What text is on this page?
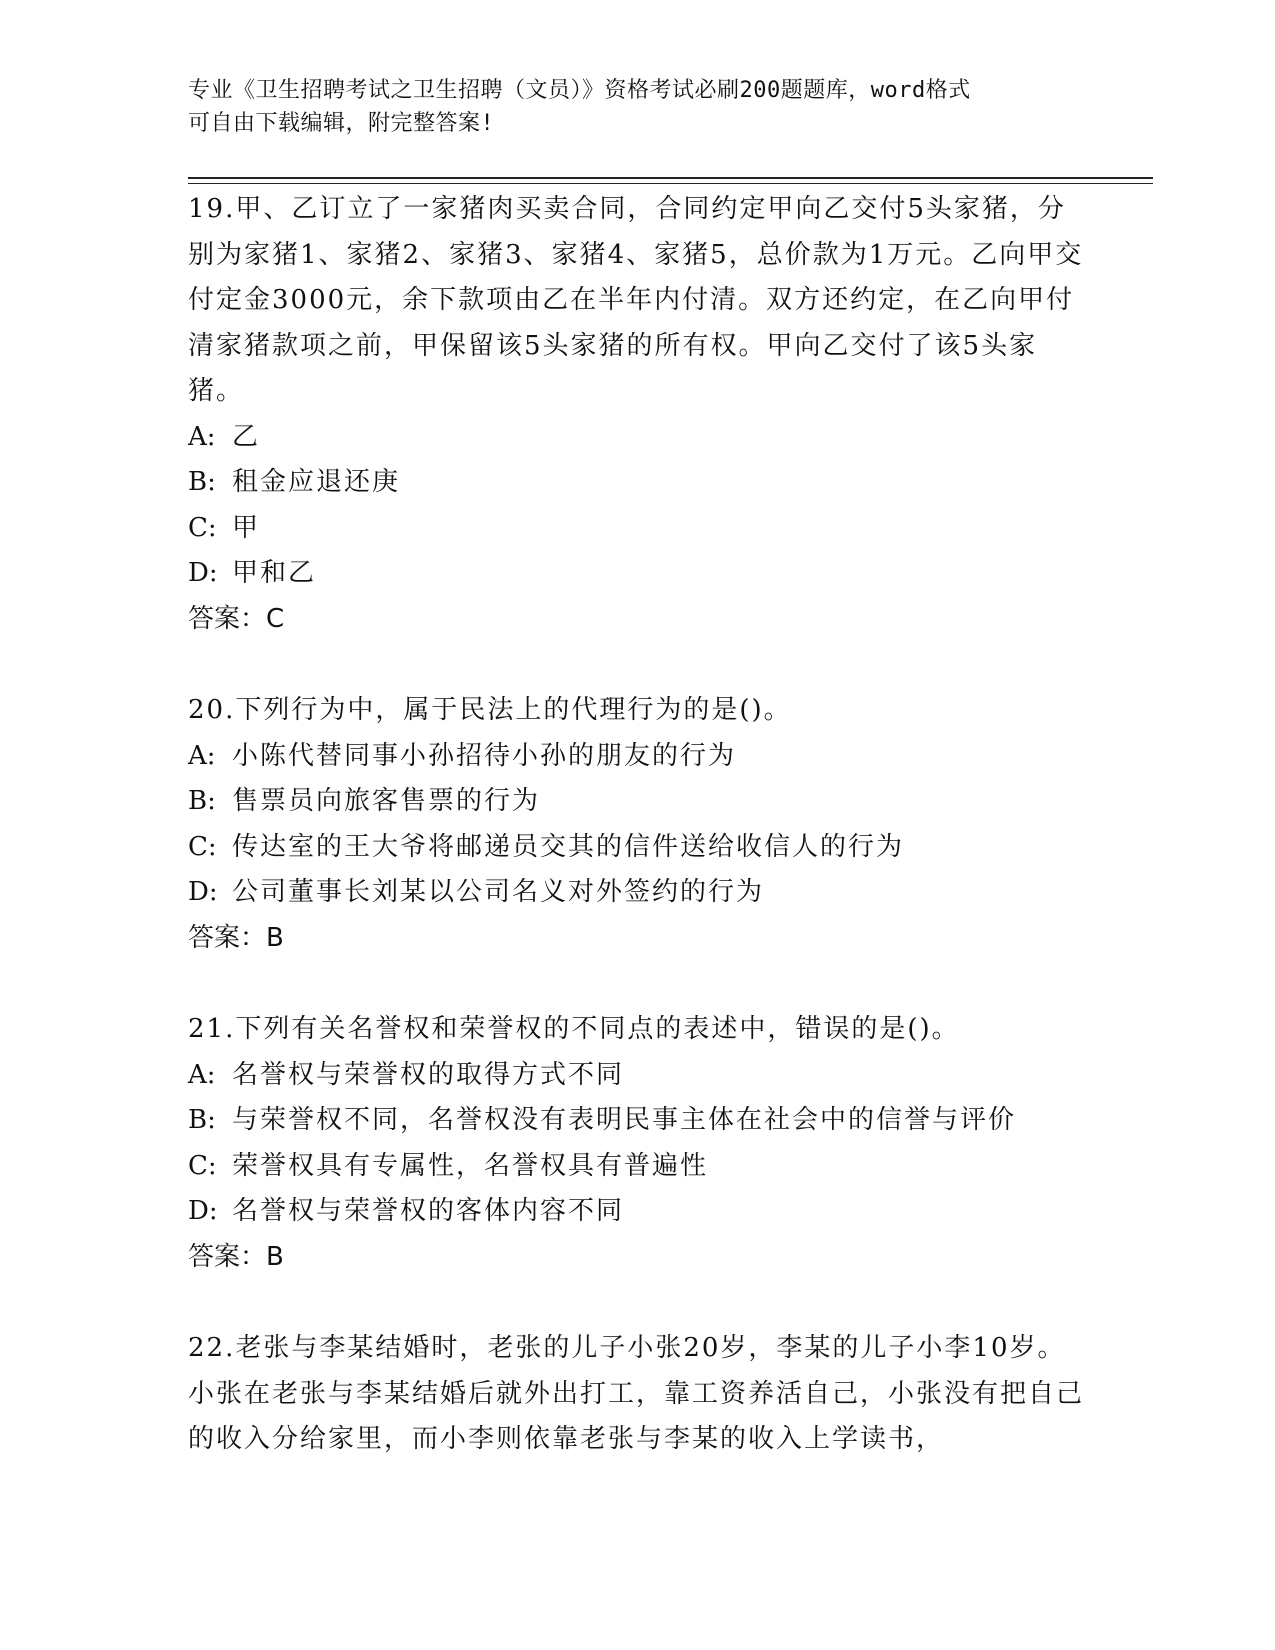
专业《卫生招聘考试之卫生招聘（文员）》资格考试必刷200题题库，word格式
可自由下载编辑，附完整答案!

19.甲、乙订立了一家猪肉买卖合同，合同约定甲向乙交付5头家猪，分别为家猪1、家猪2、家猪3、家猪4、家猪5，总价款为1万元。乙向甲交付定金3000元，余下款项由乙在半年内付清。双方还约定，在乙向甲付清家猪款项之前，甲保留该5头家猪的所有权。甲向乙交付了该5头家猪。

A: 乙

B: 租金应退还庚

C: 甲

D: 甲和乙

答案：C

20.下列行为中，属于民法上的代理行为的是()。

A: 小陈代替同事小孙招待小孙的朋友的行为

B: 售票员向旅客售票的行为

C: 传达室的王大爷将邮递员交其的信件送给收信人的行为

D: 公司董事长刘某以公司名义对外签约的行为

答案：B

21.下列有关名誉权和荣誉权的不同点的表述中，错误的是()。

A: 名誉权与荣誉权的取得方式不同

B: 与荣誉权不同，名誉权没有表明民事主体在社会中的信誉与评价

C: 荣誉权具有专属性，名誉权具有普遍性

D: 名誉权与荣誉权的客体内容不同

答案：B

22.老张与李某结婚时，老张的儿子小张20岁，李某的儿子小李10岁。小张在老张与李某结婚后就外出打工，靠工资养活自己，小张没有把自己的收入分给家里，而小李则依靠老张与李某的收入上学读书，
